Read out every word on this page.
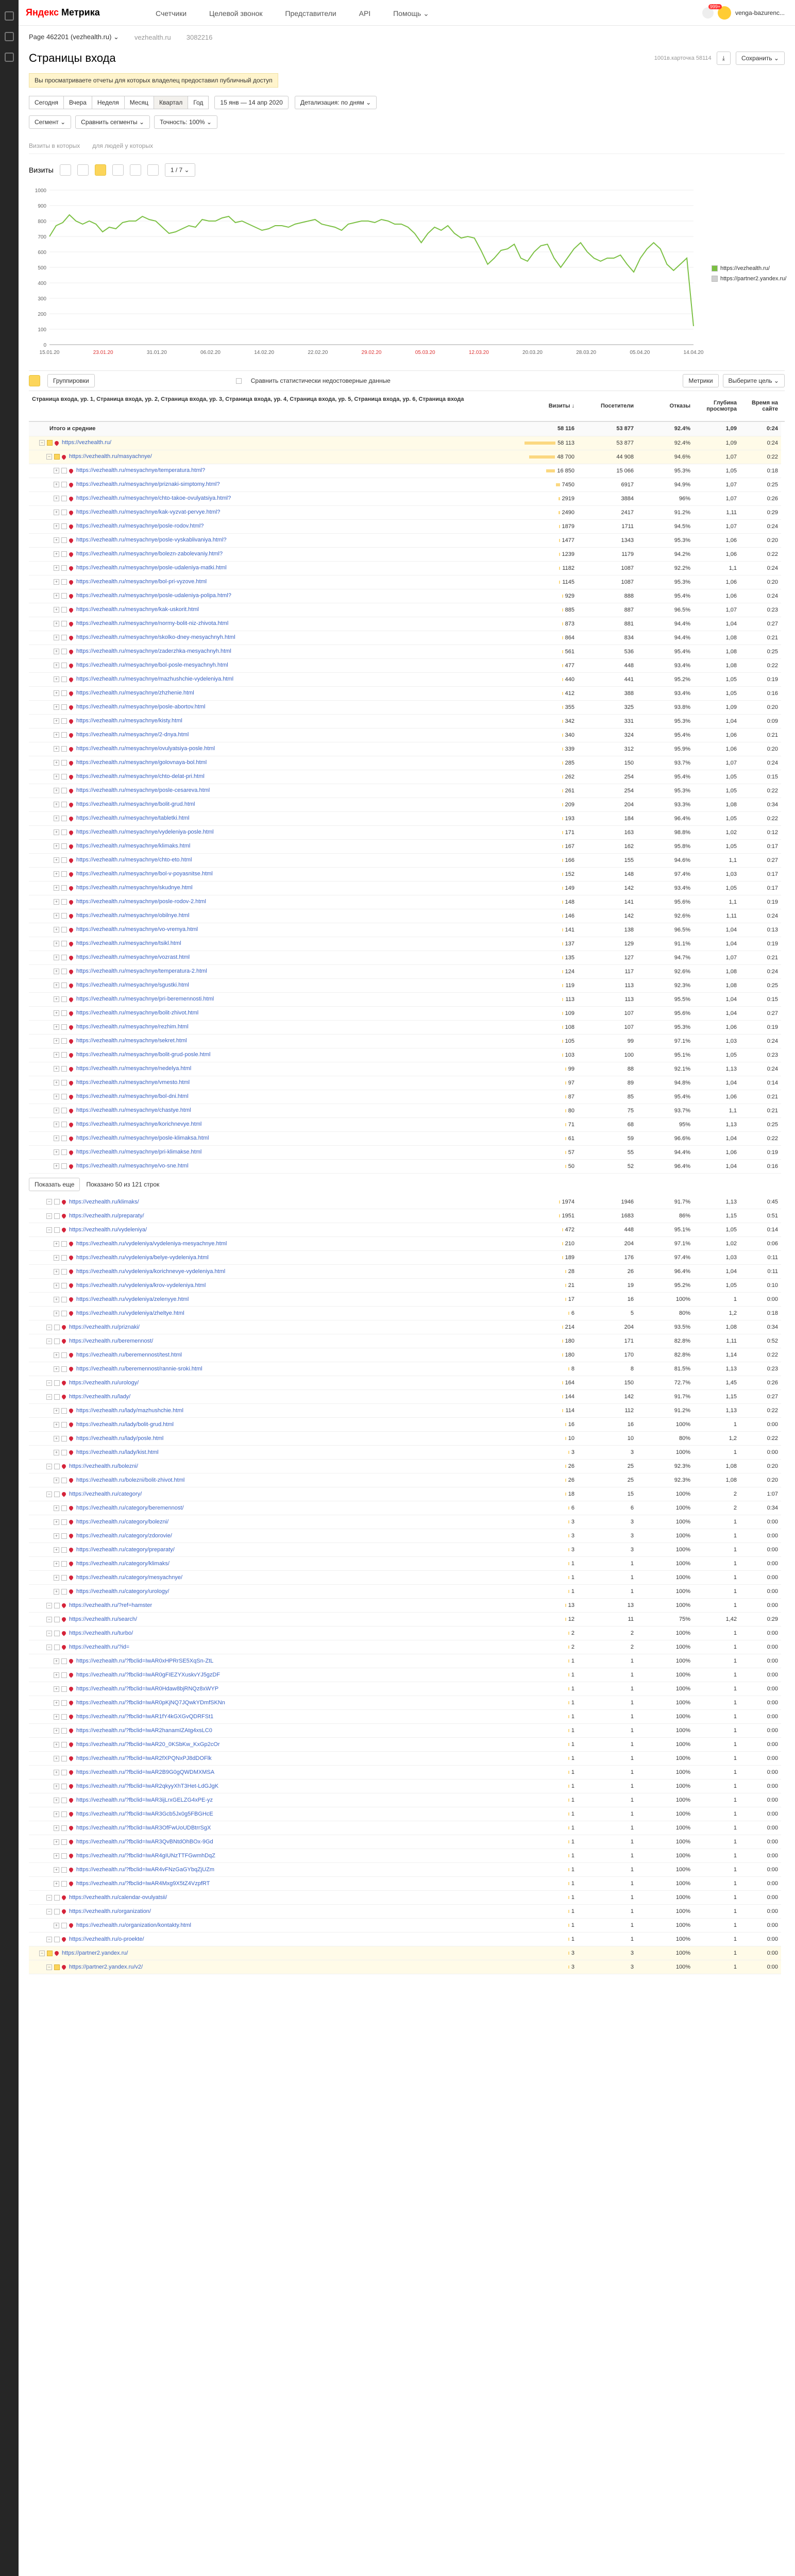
Яндекс Метрика	Счетчики	Целевой звонок	Представители	API	Помощь ⌄
999+
venga-bazurenc...
Page 462201 (vezhealth.ru) ⌄ vezhealth.ru 3082216
Страницы входа	1001в.карточка 58114	⤓	Сохранить ⌄
Вы просматриваете отчеты для которых владелец предоставил публичный доступ
Сегодня	Вчера	Неделя	Месяц	Квартал	Год	15 янв — 14 апр 2020	Детализация: по дням ⌄
Сегмент ⌄	Сравнить сегменты ⌄	Точность: 100% ⌄
Визиты в которых для людей у которых
Визиты	1 / 7 ⌄
0
100
200
300
400
500
600
700
800
900
1000
15.01.20	23.01.20	31.01.20	06.02.20	14.02.20	22.02.20	29.02.20	05.03.20	12.03.20	20.03.20	28.03.20	05.04.20	14.04.20
https://vezhealth.ru/
https://partner2.yandex.ru/
Группировки	Сравнить статистически недостоверные данные	Метрики	Выберите цель ⌄
Страница входа, ур. 1, Страница входа, ур. 2, Страница входа, ур. 3, Страница входа, ур. 4, Страница входа, ур. 5, Страница входа, ур. 6, Страница входа
Визиты ↓	Посетители	Отказы	Глубина просмотра
Время на сайте
Итого и средние	58 116	53 877	92.4%	1,09	0:24
− https://vezhealth.ru/	58 113	53 877	92.4%	1,09	0:24
− https://vezhealth.ru/masyachnye/	48 700	44 908	94.6%	1,07	0:22
+ https://vezhealth.ru/mesyachnye/temperatura.html?	16 850	15 066	95.3%	1,05	0:18
+ https://vezhealth.ru/mesyachnye/priznaki-simptomy.html?	7450	6917	94.9%	1,07	0:25
+ https://vezhealth.ru/mesyachnye/chto-takoe-ovulyatsiya.html?	2919	3884	96%	1,07	0:26
+ https://vezhealth.ru/mesyachnye/kak-vyzvat-pervye.html?	2490	2417	91.2%	1,11	0:29
+ https://vezhealth.ru/mesyachnye/posle-rodov.html?	1879	1711	94.5%	1,07	0:24
+ https://vezhealth.ru/mesyachnye/posle-vyskablivaniya.html?	1477	1343	95.3%	1,06	0:20
+ https://vezhealth.ru/mesyachnye/bolezn-zabolevaniy.html?	1239	1179	94.2%	1,06	0:22
+ https://vezhealth.ru/mesyachnye/posle-udaleniya-matki.html	1182	1087	92.2%	1,1	0:24
+ https://vezhealth.ru/mesyachnye/bol-pri-vyzove.html	1145	1087	95.3%	1,06	0:20
+ https://vezhealth.ru/mesyachnye/posle-udaleniya-polipa.html?	929	888	95.4%	1,06	0:24
+ https://vezhealth.ru/mesyachnye/kak-uskorit.html	885	887	96.5%	1,07	0:23
+ https://vezhealth.ru/mesyachnye/normy-bolit-niz-zhivota.html	873	881	94.4%	1,04	0:27
+ https://vezhealth.ru/mesyachnye/skolko-dney-mesyachnyh.html	864	834	94.4%	1,08	0:21
+ https://vezhealth.ru/mesyachnye/zaderzhka-mesyachnyh.html	561	536	95.4%	1,08	0:25
+ https://vezhealth.ru/mesyachnye/bol-posle-mesyachnyh.html	477	448	93.4%	1,08	0:22
+ https://vezhealth.ru/mesyachnye/mazhushchie-vydeleniya.html	440	441	95.2%	1,05	0:19
+ https://vezhealth.ru/mesyachnye/zhzhenie.html	412	388	93.4%	1,05	0:16
+ https://vezhealth.ru/mesyachnye/posle-abortov.html	355	325	93.8%	1,09	0:20
+ https://vezhealth.ru/mesyachnye/kisty.html	342	331	95.3%	1,04	0:09
+ https://vezhealth.ru/mesyachnye/2-dnya.html	340	324	95.4%	1,06	0:21
+ https://vezhealth.ru/mesyachnye/ovulyatsiya-posle.html	339	312	95.9%	1,06	0:20
+ https://vezhealth.ru/mesyachnye/golovnaya-bol.html	285	150	93.7%	1,07	0:24
+ https://vezhealth.ru/mesyachnye/chto-delat-pri.html	262	254	95.4%	1,05	0:15
+ https://vezhealth.ru/mesyachnye/posle-cesareva.html	261	254	95.3%	1,05	0:22
+ https://vezhealth.ru/mesyachnye/bolit-grud.html	209	204	93.3%	1,08	0:34
+ https://vezhealth.ru/mesyachnye/tabletki.html	193	184	96.4%	1,05	0:22
+ https://vezhealth.ru/mesyachnye/vydeleniya-posle.html	171	163	98.8%	1,02	0:12
+ https://vezhealth.ru/mesyachnye/klimaks.html	167	162	95.8%	1,05	0:17
+ https://vezhealth.ru/mesyachnye/chto-eto.html	166	155	94.6%	1,1	0:27
+ https://vezhealth.ru/mesyachnye/bol-v-poyasnitse.html	152	148	97.4%	1,03	0:17
+ https://vezhealth.ru/mesyachnye/skudnye.html	149	142	93.4%	1,05	0:17
+ https://vezhealth.ru/mesyachnye/posle-rodov-2.html	148	141	95.6%	1,1	0:19
+ https://vezhealth.ru/mesyachnye/obilnye.html	146	142	92.6%	1,11	0:24
+ https://vezhealth.ru/mesyachnye/vo-vremya.html	141	138	96.5%	1,04	0:13
+ https://vezhealth.ru/mesyachnye/tsikl.html	137	129	91.1%	1,04	0:19
+ https://vezhealth.ru/mesyachnye/vozrast.html	135	127	94.7%	1,07	0:21
+ https://vezhealth.ru/mesyachnye/temperatura-2.html	124	117	92.6%	1,08	0:24
+ https://vezhealth.ru/mesyachnye/sgustki.html	119	113	92.3%	1,08	0:25
+ https://vezhealth.ru/mesyachnye/pri-beremennosti.html	113	113	95.5%	1,04	0:15
+ https://vezhealth.ru/mesyachnye/bolit-zhivot.html	109	107	95.6%	1,04	0:27
+ https://vezhealth.ru/mesyachnye/rezhim.html	108	107	95.3%	1,06	0:19
+ https://vezhealth.ru/mesyachnye/sekret.html	105	99	97.1%	1,03	0:24
+ https://vezhealth.ru/mesyachnye/bolit-grud-posle.html	103	100	95.1%	1,05	0:23
+ https://vezhealth.ru/mesyachnye/nedelya.html	99	88	92.1%	1,13	0:24
+ https://vezhealth.ru/mesyachnye/vmesto.html	97	89	94.8%	1,04	0:14
+ https://vezhealth.ru/mesyachnye/bol-dni.html	87	85	95.4%	1,06	0:21
+ https://vezhealth.ru/mesyachnye/chastye.html	80	75	93.7%	1,1	0:21
+ https://vezhealth.ru/mesyachnye/korichnevye.html	71	68	95%	1,13	0:25
+ https://vezhealth.ru/mesyachnye/posle-klimaksa.html	61	59	96.6%	1,04	0:22
+ https://vezhealth.ru/mesyachnye/pri-klimakse.html	57	55	94.4%	1,06	0:19
+ https://vezhealth.ru/mesyachnye/vo-sne.html	50	52	96.4%	1,04	0:16
Показать еще	Показано 50 из 121 строк
− https://vezhealth.ru/klimaks/	1974	1946	91.7%	1,13	0:45
− https://vezhealth.ru/preparaty/	1951	1683	86%	1,15	0:51
− https://vezhealth.ru/vydeleniya/	472	448	95.1%	1,05	0:14
+ https://vezhealth.ru/vydeleniya/vydeleniya-mesyachnye.html	210	204	97.1%	1,02	0:06
+ https://vezhealth.ru/vydeleniya/belye-vydeleniya.html	189	176	97.4%	1,03	0:11
+ https://vezhealth.ru/vydeleniya/korichnevye-vydeleniya.html	28	26	96.4%	1,04	0:11
+ https://vezhealth.ru/vydeleniya/krov-vydeleniya.html	21	19	95.2%	1,05	0:10
+ https://vezhealth.ru/vydeleniya/zelenyye.html	17	16	100%	1	0:00
+ https://vezhealth.ru/vydeleniya/zheltye.html	6	5	80%	1,2	0:18
− https://vezhealth.ru/priznaki/	214	204	93.5%	1,08	0:34
− https://vezhealth.ru/beremennost/	180	171	82.8%	1,11	0:52
+ https://vezhealth.ru/beremennost/test.html	180	170	82.8%	1,14	0:22
+ https://vezhealth.ru/beremennost/rannie-sroki.html	8	8	81.5%	1,13	0:23
− https://vezhealth.ru/urology/	164	150	72.7%	1,45	0:26
− https://vezhealth.ru/lady/	144	142	91.7%	1,15	0:27
+ https://vezhealth.ru/lady/mazhushchie.html	114	112	91.2%	1,13	0:22
+ https://vezhealth.ru/lady/bolit-grud.html	16	16	100%	1	0:00
+ https://vezhealth.ru/lady/posle.html	10	10	80%	1,2	0:22
+ https://vezhealth.ru/lady/kist.html	3	3	100%	1	0:00
− https://vezhealth.ru/bolezni/	26	25	92.3%	1,08	0:20
+ https://vezhealth.ru/bolezni/bolit-zhivot.html	26	25	92.3%	1,08	0:20
− https://vezhealth.ru/category/	18	15	100%	2	1:07
+ https://vezhealth.ru/category/beremennost/	6	6	100%	2	0:34
+ https://vezhealth.ru/category/bolezni/	3	3	100%	1	0:00
+ https://vezhealth.ru/category/zdorovie/	3	3	100%	1	0:00
+ https://vezhealth.ru/category/preparaty/	3	3	100%	1	0:00
+ https://vezhealth.ru/category/klimaks/	1	1	100%	1	0:00
+ https://vezhealth.ru/category/mesyachnye/	1	1	100%	1	0:00
+ https://vezhealth.ru/category/urology/	1	1	100%	1	0:00
− https://vezhealth.ru/?ref=hamster	13	13	100%	1	0:00
− https://vezhealth.ru/search/	12	11	75%	1,42	0:29
− https://vezhealth.ru/turbo/	2	2	100%	1	0:00
− https://vezhealth.ru/?id=	2	2	100%	1	0:00
+ https://vezhealth.ru/?fbclid=IwAR0xHPRrSE5XqSn-ZtL	1	1	100%	1	0:00
+ https://vezhealth.ru/?fbclid=IwAR0gFIEZYXuskvYJ5gzDF	1	1	100%	1	0:00
+ https://vezhealth.ru/?fbclid=IwAR0Hdaw8bjRNQz8xWYP	1	1	100%	1	0:00
+ https://vezhealth.ru/?fbclid=IwAR0pKjNQ7JQwkYDmfSKNn	1	1	100%	1	0:00
+ https://vezhealth.ru/?fbclid=IwAR1fY4kGXGvQDRFSt1	1	1	100%	1	0:00
+ https://vezhealth.ru/?fbclid=IwAR2hanamIZAtg4xsLC0	1	1	100%	1	0:00
+ https://vezhealth.ru/?fbclid=IwAR20_0KSbKw_KxGp2cOr	1	1	100%	1	0:00
+ https://vezhealth.ru/?fbclid=IwAR2fXPQNxPJ8dDOFlk	1	1	100%	1	0:00
+ https://vezhealth.ru/?fbclid=IwAR2B9G0gQWDMXMSA	1	1	100%	1	0:00
+ https://vezhealth.ru/?fbclid=IwAR2qkyyXhT3Het-LdGJgK	1	1	100%	1	0:00
+ https://vezhealth.ru/?fbclid=IwAR3ijLrxGELZG4xPE-yz	1	1	100%	1	0:00
+ https://vezhealth.ru/?fbclid=IwAR3Gcb5Jx0g5FBGHcE	1	1	100%	1	0:00
+ https://vezhealth.ru/?fbclid=IwAR3OfFwUoUDBtrrSgX	1	1	100%	1	0:00
+ https://vezhealth.ru/?fbclid=IwAR3QvBNtdOhBOx-9Gd	1	1	100%	1	0:00
+ https://vezhealth.ru/?fbclid=IwAR4gIUNzTTFGwmhDqZ	1	1	100%	1	0:00
+ https://vezhealth.ru/?fbclid=IwAR4vFNzGaGYbqZjUZm	1	1	100%	1	0:00
+ https://vezhealth.ru/?fbclid=IwAR4Mxg9X5tZ4VzpfRT	1	1	100%	1	0:00
− https://vezhealth.ru/calendar-ovulyatsii/	1	1	100%	1	0:00
− https://vezhealth.ru/organization/	1	1	100%	1	0:00
+ https://vezhealth.ru/organization/kontakty.html	1	1	100%	1	0:00
− https://vezhealth.ru/o-proekte/	1	1	100%	1	0:00
− https://partner2.yandex.ru/	3	3	100%	1	0:00
− https://partner2.yandex.ru/v2/	3	3	100%	1	0:00
